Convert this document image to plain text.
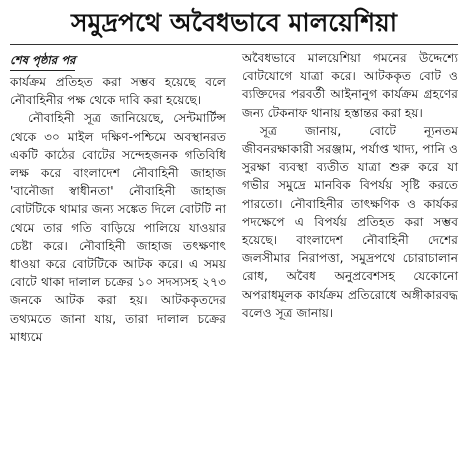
সমুদ্রপথে অবৈধভাবে মালয়েশিয়া
শেষ পৃষ্ঠার পর

কার্যক্রম প্রতিহত করা সম্ভব হয়েছে বলে নৌবাহিনীর পক্ষ থেকে দাবি করা হয়েছে।

নৌবাহিনী সূত্র জানিয়েছে, সেন্টমার্টিন্স থেকে ৩০ মাইল দক্ষিণ-পশ্চিমে অবস্থানরত একটি কাঠের বোটের সন্দেহজনক গতিবিধি লক্ষ করে বাংলাদেশ নৌবাহিনী জাহাজ 'বানৌজা স্বাধীনতা' নৌবাহিনী জাহাজ বোটটিকে থামার জন্য সঙ্কেত দিলে বোটটি না থেমে তার গতি বাড়িয়ে পালিয়ে যাওয়ার চেষ্টা করে। নৌবাহিনী জাহাজ তৎক্ষণাৎ ধাওয়া করে বোটটিকে আটক করে। এ সময় বোটে থাকা দালাল চক্রের ১০ সদস্যসহ ২৭৩ জনকে আটক করা হয়। আটককৃতদের তথ্যমতে জানা যায়, তারা দালাল চক্রের মাধ্যমে

অবৈধভাবে মালয়েশিয়া গমনের উদ্দেশ্যে বোটযোগে যাত্রা করে। আটককৃত বোট ও ব্যক্তিদের পরবর্তী আইনানুগ কার্যক্রম গ্রহণের জন্য টেকনাফ থানায় হস্তান্তর করা হয়।

সূত্র জানায়, বোটে ন্যূনতম জীবনরক্ষাকারী সরঞ্জাম, পর্যাপ্ত খাদ্য, পানি ও সুরক্ষা ব্যবস্থা ব্যতীত যাত্রা শুরু করে যা গভীর সমুদ্রে মানবিক বিপর্যয় সৃষ্টি করতে পারতো। নৌবাহিনীর তাৎক্ষণিক ও কার্যকর পদক্ষেপে এ বিপর্যয় প্রতিহত করা সম্ভব হয়েছে। বাংলাদেশ নৌবাহিনী দেশের জলসীমার নিরাপত্তা, সমুদ্রপথে চোরাচালান রোধ, অবৈধ অনুপ্রবেশসহ যেকোনো অপরাধমূলক কার্যক্রম প্রতিরোধে অঙ্গীকারবদ্ধ বলেও সূত্র জানায়।
